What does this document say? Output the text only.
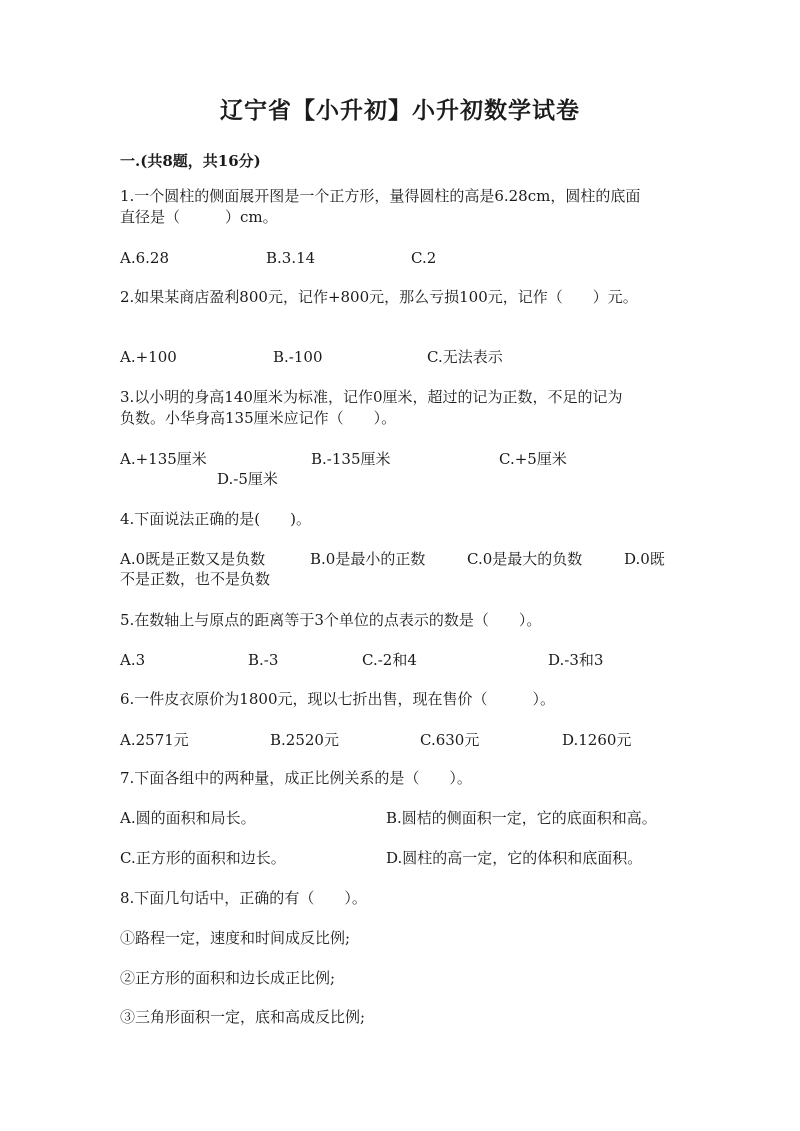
辽宁省【小升初】小升初数学试卷
一.(共8题，共16分)
1.一个圆柱的侧面展开图是一个正方形，量得圆柱的高是6.28cm，圆柱的底面
直径是（　　　）cm。
A.6.28	B.3.14	C.2
2.如果某商店盈利800元，记作+800元，那么亏损100元，记作（　　）元。
A.+100	B.-100	C.无法表示
3.以小明的身高140厘米为标准，记作0厘米，超过的记为正数，不足的记为
负数。小华身高135厘米应记作（　　）。
A.+135厘米	B.-135厘米	C.+5厘米
D.-5厘米
4.下面说法正确的是(　　)。
A.0既是正数又是负数	B.0是最小的正数	C.0是最大的负数	D.0既
不是正数，也不是负数
5.在数轴上与原点的距离等于3个单位的点表示的数是（　　）。
A.3	B.-3	C.-2和4	D.-3和3
6.一件皮衣原价为1800元，现以七折出售，现在售价（　　　）。
A.2571元	B.2520元	C.630元	D.1260元
7.下面各组中的两种量，成正比例关系的是（　　）。
A.圆的面积和局长。	B.圆桔的侧面积一定，它的底面积和高。
C.正方形的面积和边长。	D.圆柱的高一定，它的体积和底面积。
8.下面几句话中，正确的有（　　）。
①路程一定，速度和时间成反比例;
②正方形的面积和边长成正比例;
③三角形面积一定，底和高成反比例;
